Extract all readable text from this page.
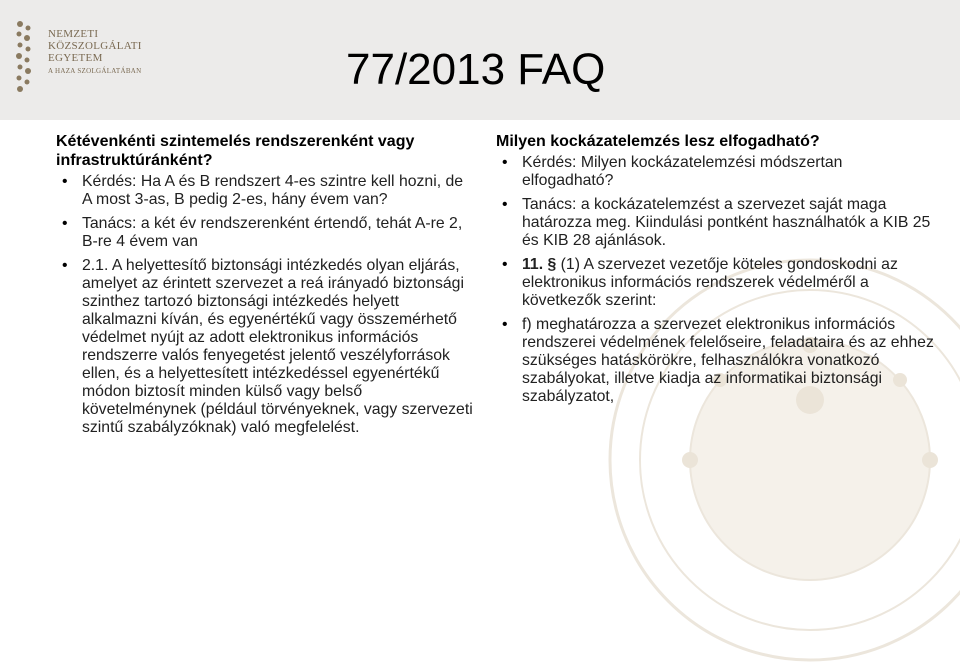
NEMZETI
KÖZSZOLGÁLATI
EGYETEM
A HAZA SZOLGÁLATÁBAN	77/2013 FAQ

Kétévenkénti szintemelés rendszerenként vagy infrastruktúránként?

• Kérdés: Ha A és B rendszert 4-es szintre kell hozni, de A most 3-as, B pedig 2-es, hány évem van?
• Tanács: a két év rendszerenként értendő, tehát A-re 2, B-re 4 évem van
• 2.1. A helyettesítő biztonsági intézkedés olyan eljárás, amelyet az érintett szervezet a reá irányadó biztonsági szinthez tartozó biztonsági intézkedés helyett alkalmazni kíván, és egyenértékű vagy összemérhető védelmet nyújt az adott elektronikus információs rendszerre valós fenyegetést jelentő veszélyforrások ellen, és a helyettesített intézkedéssel egyenértékű módon biztosít minden külső vagy belső követelménynek (például törvényeknek, vagy szervezeti szintű szabályzóknak) való megfelelést.

Milyen kockázatelemzés lesz elfogadható?

• Kérdés: Milyen kockázatelemzési módszertan elfogadható?
• Tanács: a kockázatelemzést a szervezet saját maga határozza meg. Kiindulási pontként használhatók a KIB 25 és KIB 28 ajánlások.
• 11. § (1) A szervezet vezetője köteles gondoskodni az elektronikus információs rendszerek védelméről a következők szerint:
• f) meghatározza a szervezet elektronikus információs rendszerei védelmének felelőseire, feladataira és az ehhez szükséges hatáskörökre, felhasználókra vonatkozó szabályokat, illetve kiadja az informatikai biztonsági szabályzatot,
